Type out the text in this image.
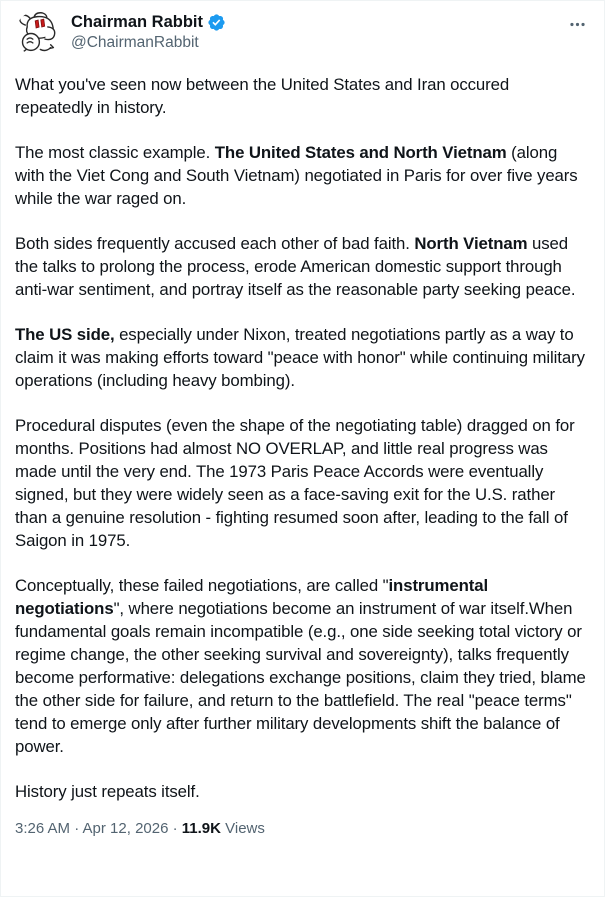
Chairman Rabbit
@ChairmanRabbit

What you've seen now between the United States and Iran occured repeatedly in history.

The most classic example. The United States and North Vietnam (along with the Viet Cong and South Vietnam) negotiated in Paris for over five years while the war raged on.

Both sides frequently accused each other of bad faith. North Vietnam used the talks to prolong the process, erode American domestic support through anti-war sentiment, and portray itself as the reasonable party seeking peace.

The US side, especially under Nixon, treated negotiations partly as a way to claim it was making efforts toward "peace with honor" while continuing military operations (including heavy bombing).

Procedural disputes (even the shape of the negotiating table) dragged on for months. Positions had almost NO OVERLAP, and little real progress was made until the very end. The 1973 Paris Peace Accords were eventually signed, but they were widely seen as a face-saving exit for the U.S. rather than a genuine resolution - fighting resumed soon after, leading to the fall of Saigon in 1975.

Conceptually, these failed negotiations, are called "instrumental negotiations", where negotiations become an instrument of war itself.When fundamental goals remain incompatible (e.g., one side seeking total victory or regime change, the other seeking survival and sovereignty), talks frequently become performative: delegations exchange positions, claim they tried, blame the other side for failure, and return to the battlefield. The real "peace terms" tend to emerge only after further military developments shift the balance of power.

History just repeats itself.

3:26 AM · Apr 12, 2026 · 11.9K Views
